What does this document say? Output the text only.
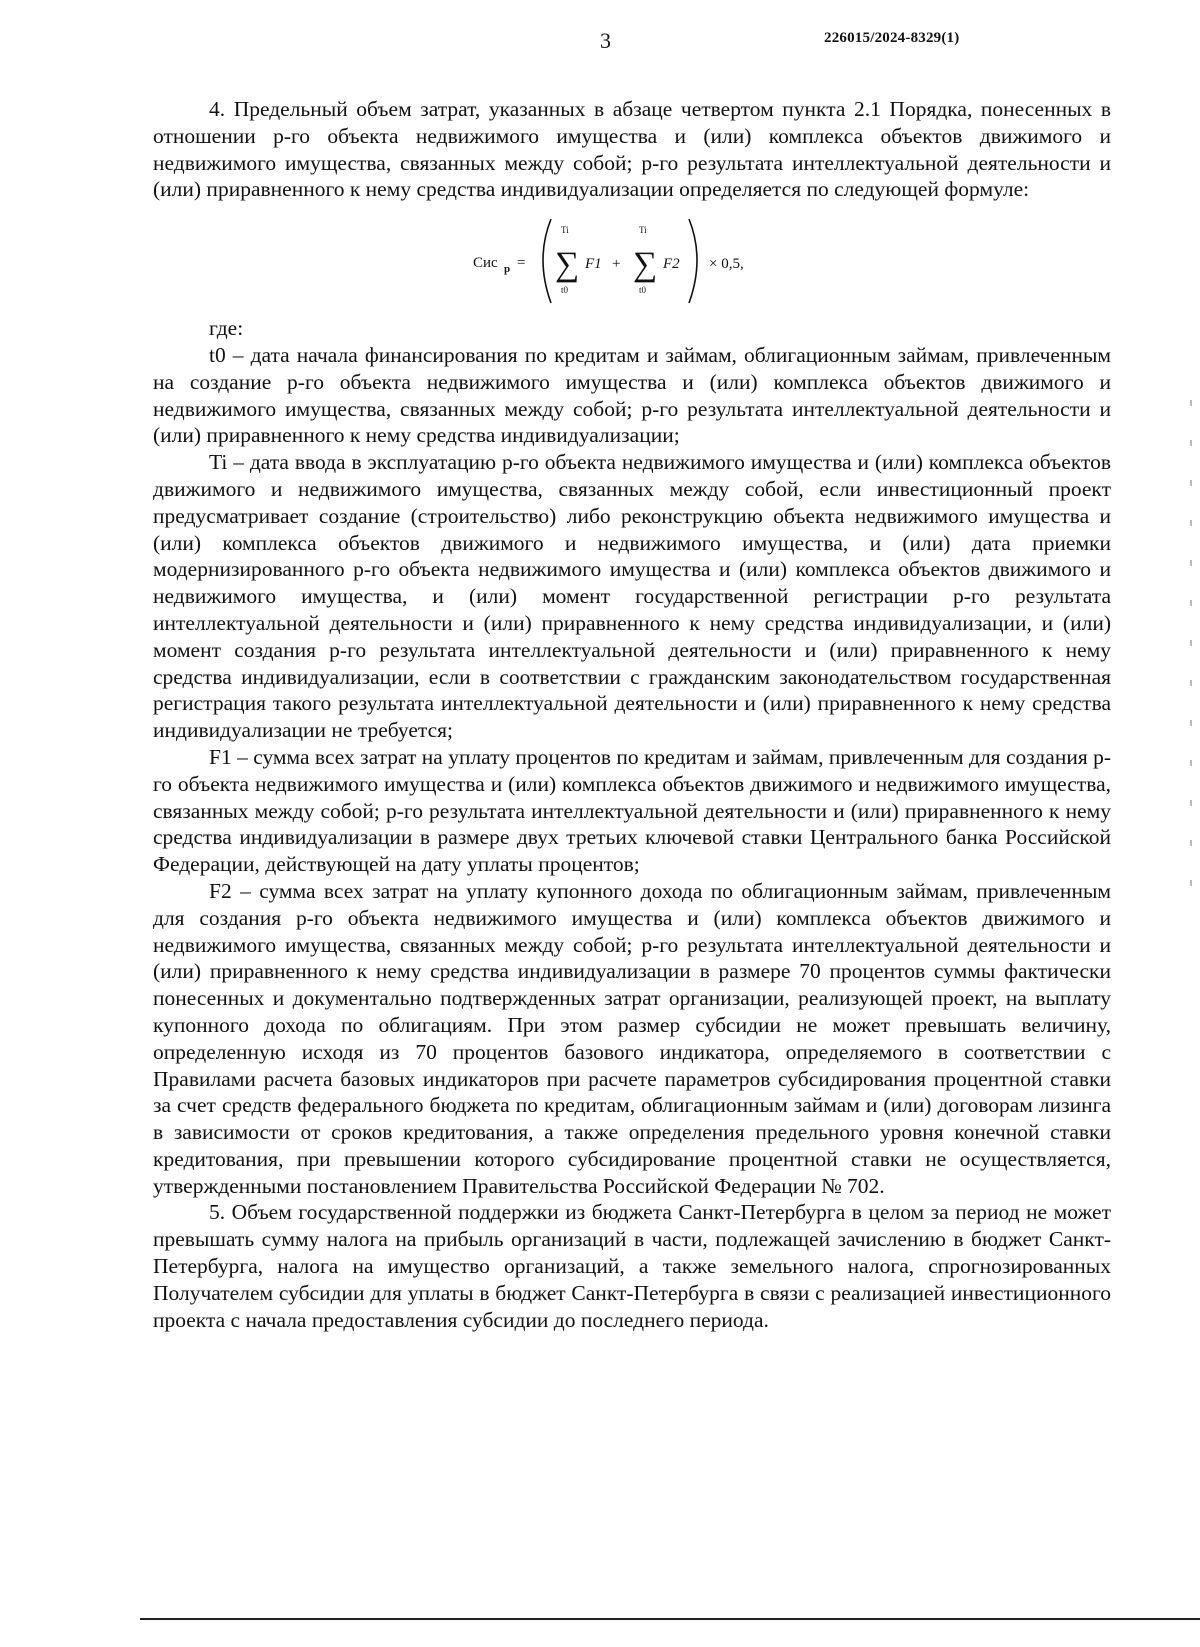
3	226015/2024-8329(1)

4. Предельный объем затрат, указанных в абзаце четвертом пункта 2.1 Порядка, понесенных в отношении р-го объекта недвижимого имущества и (или) комплекса объектов движимого и недвижимого имущества, связанных между собой; р-го результата интеллектуальной деятельности и (или) приравненного к нему средства индивидуализации определяется по следующей формуле:

Сис р =
Ti
∑
t0
F1 +
Ti
∑
t0
F2 × 0,5,

где:

t0 – дата начала финансирования по кредитам и займам, облигационным займам, привлеченным на создание р-го объекта недвижимого имущества и (или) комплекса объектов движимого и недвижимого имущества, связанных между собой; р-го результата интеллектуальной деятельности и (или) приравненного к нему средства индивидуализации;

Ti – дата ввода в эксплуатацию р-го объекта недвижимого имущества и (или) комплекса объектов движимого и недвижимого имущества, связанных между собой, если инвестиционный проект предусматривает создание (строительство) либо реконструкцию объекта недвижимого имущества и (или) комплекса объектов движимого и недвижимого имущества, и (или) дата приемки модернизированного р-го объекта недвижимого имущества и (или) комплекса объектов движимого и недвижимого имущества, и (или) момент государственной регистрации р-го результата интеллектуальной деятельности и (или) приравненного к нему средства индивидуализации, и (или) момент создания р-го результата интеллектуальной деятельности и (или) приравненного к нему средства индивидуализации, если в соответствии с гражданским законодательством государственная регистрация такого результата интеллектуальной деятельности и (или) приравненного к нему средства индивидуализации не требуется;

F1 – сумма всех затрат на уплату процентов по кредитам и займам, привлеченным для создания р-го объекта недвижимого имущества и (или) комплекса объектов движимого и недвижимого имущества, связанных между собой; р-го результата интеллектуальной деятельности и (или) приравненного к нему средства индивидуализации в размере двух третьих ключевой ставки Центрального банка Российской Федерации, действующей на дату уплаты процентов;

F2 – сумма всех затрат на уплату купонного дохода по облигационным займам, привлеченным для создания р-го объекта недвижимого имущества и (или) комплекса объектов движимого и недвижимого имущества, связанных между собой; р-го результата интеллектуальной деятельности и (или) приравненного к нему средства индивидуализации в размере 70 процентов суммы фактически понесенных и документально подтвержденных затрат организации, реализующей проект, на выплату купонного дохода по облигациям. При этом размер субсидии не может превышать величину, определенную исходя из 70 процентов базового индикатора, определяемого в соответствии с Правилами расчета базовых индикаторов при расчете параметров субсидирования процентной ставки за счет средств федерального бюджета по кредитам, облигационным займам и (или) договорам лизинга в зависимости от сроков кредитования, а также определения предельного уровня конечной ставки кредитования, при превышении которого субсидирование процентной ставки не осуществляется, утвержденными постановлением Правительства Российской Федерации № 702.

5. Объем государственной поддержки из бюджета Санкт-Петербурга в целом за период не может превышать сумму налога на прибыль организаций в части, подлежащей зачислению в бюджет Санкт-Петербурга, налога на имущество организаций, а также земельного налога, спрогнозированных Получателем субсидии для уплаты в бюджет Санкт-Петербурга в связи с реализацией инвестиционного проекта с начала предоставления субсидии до последнего периода.
